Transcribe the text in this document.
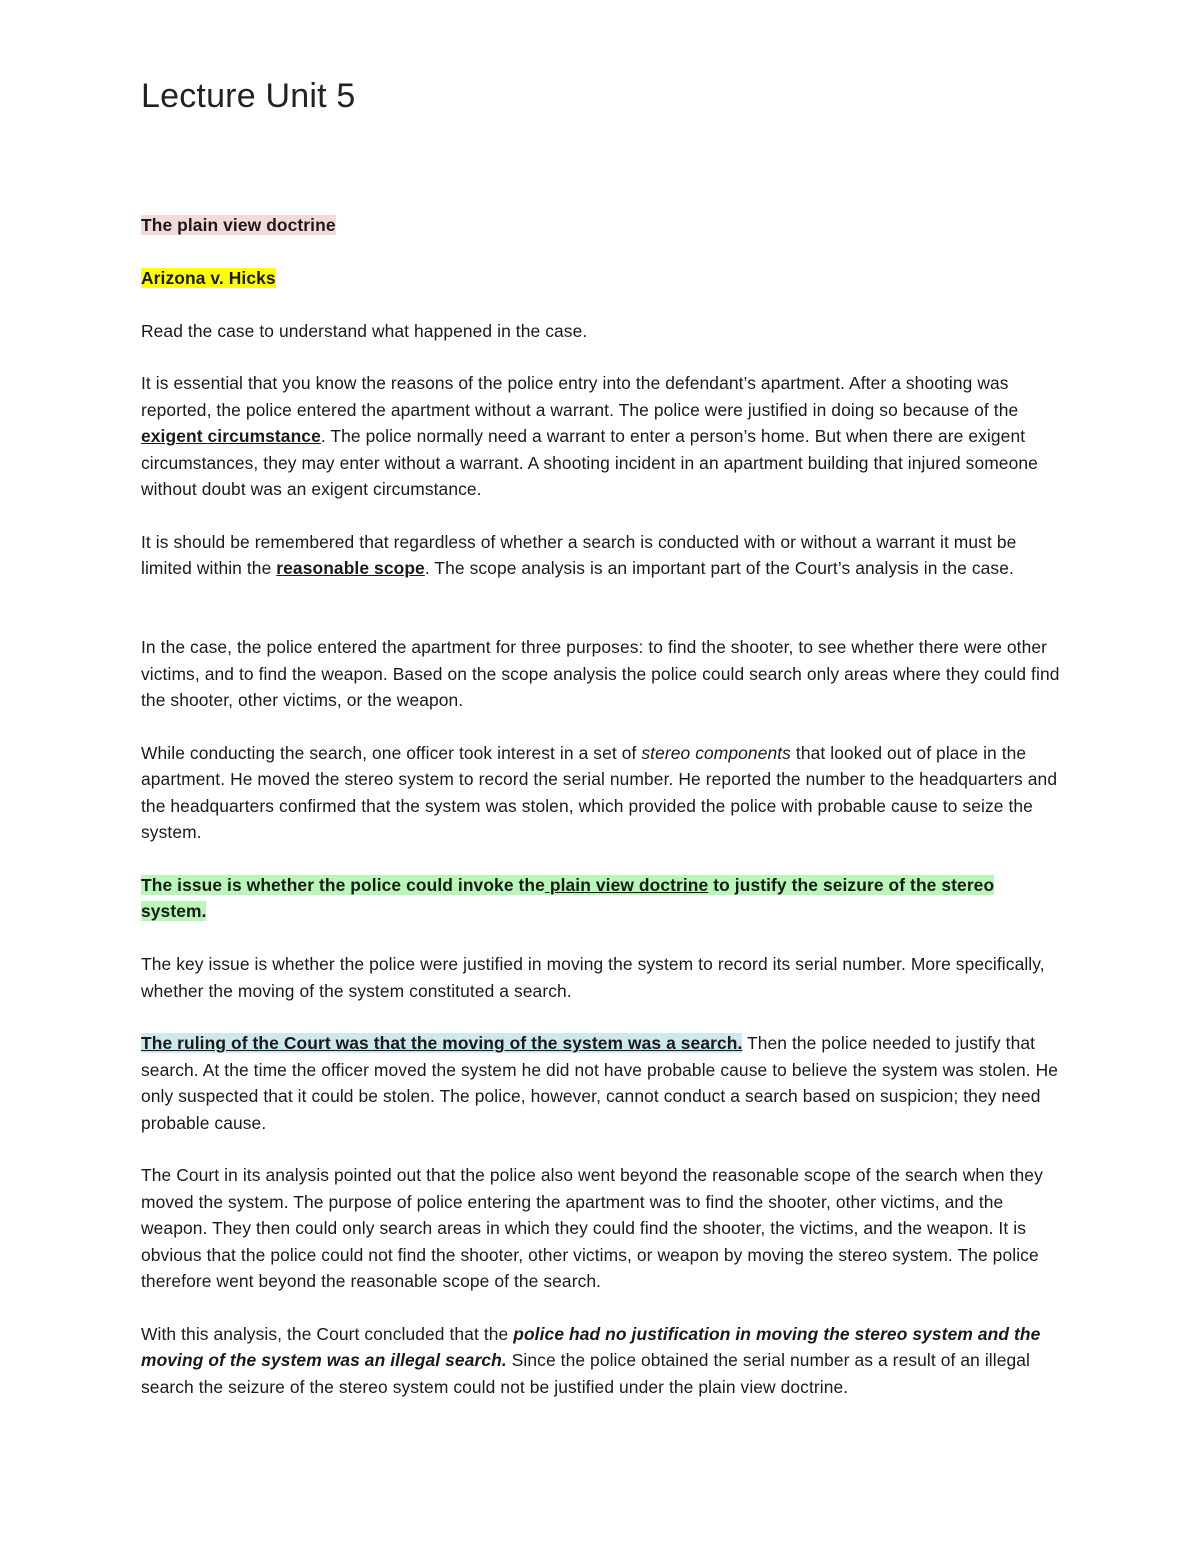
Lecture Unit 5

The plain view doctrine

Arizona v. Hicks

Read the case to understand what happened in the case.

It is essential that you know the reasons of the police entry into the defendant’s apartment. After a shooting was reported, the police entered the apartment without a warrant. The police were justified in doing so because of the exigent circumstance. The police normally need a warrant to enter a person’s home. But when there are exigent circumstances, they may enter without a warrant. A shooting incident in an apartment building that injured someone without doubt was an exigent circumstance.

It is should be remembered that regardless of whether a search is conducted with or without a warrant it must be limited within the reasonable scope. The scope analysis is an important part of the Court’s analysis in the case.

In the case, the police entered the apartment for three purposes: to find the shooter, to see whether there were other victims, and to find the weapon. Based on the scope analysis the police could search only areas where they could find the shooter, other victims, or the weapon.

While conducting the search, one officer took interest in a set of stereo components that looked out of place in the apartment. He moved the stereo system to record the serial number. He reported the number to the headquarters and the headquarters confirmed that the system was stolen, which provided the police with probable cause to seize the system.

The issue is whether the police could invoke the plain view doctrine to justify the seizure of the stereo system.

The key issue is whether the police were justified in moving the system to record its serial number. More specifically, whether the moving of the system constituted a search.

The ruling of the Court was that the moving of the system was a search. Then the police needed to justify that search. At the time the officer moved the system he did not have probable cause to believe the system was stolen. He only suspected that it could be stolen. The police, however, cannot conduct a search based on suspicion; they need probable cause.

The Court in its analysis pointed out that the police also went beyond the reasonable scope of the search when they moved the system. The purpose of police entering the apartment was to find the shooter, other victims, and the weapon. They then could only search areas in which they could find the shooter, the victims, and the weapon. It is obvious that the police could not find the shooter, other victims, or weapon by moving the stereo system. The police therefore went beyond the reasonable scope of the search.

With this analysis, the Court concluded that the police had no justification in moving the stereo system and the moving of the system was an illegal search. Since the police obtained the serial number as a result of an illegal search the seizure of the stereo system could not be justified under the plain view doctrine.
